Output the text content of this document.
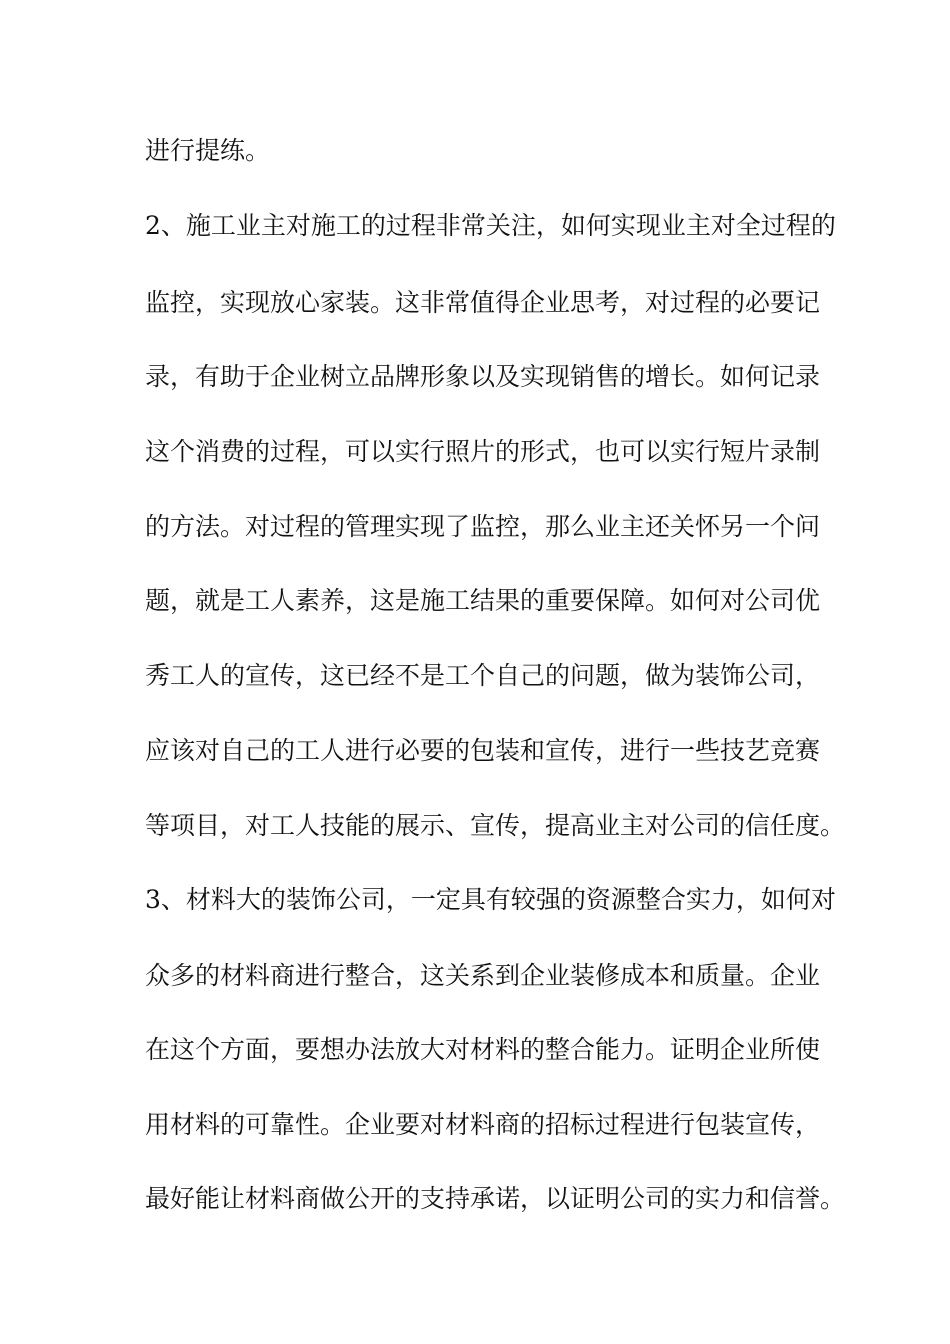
进行提练。
2、施工业主对施工的过程非常关注，如何实现业主对全过程的
监控，实现放心家装。这非常值得企业思考，对过程的必要记
录，有助于企业树立品牌形象以及实现销售的增长。如何记录
这个消费的过程，可以实行照片的形式，也可以实行短片录制
的方法。对过程的管理实现了监控，那么业主还关怀另一个问
题，就是工人素养，这是施工结果的重要保障。如何对公司优
秀工人的宣传，这已经不是工个自己的问题，做为装饰公司，
应该对自己的工人进行必要的包装和宣传，进行一些技艺竞赛
等项目，对工人技能的展示、宣传，提高业主对公司的信任度。
3、材料大的装饰公司，一定具有较强的资源整合实力，如何对
众多的材料商进行整合，这关系到企业装修成本和质量。企业
在这个方面，要想办法放大对材料的整合能力。证明企业所使
用材料的可靠性。企业要对材料商的招标过程进行包装宣传，
最好能让材料商做公开的支持承诺，以证明公司的实力和信誉。
